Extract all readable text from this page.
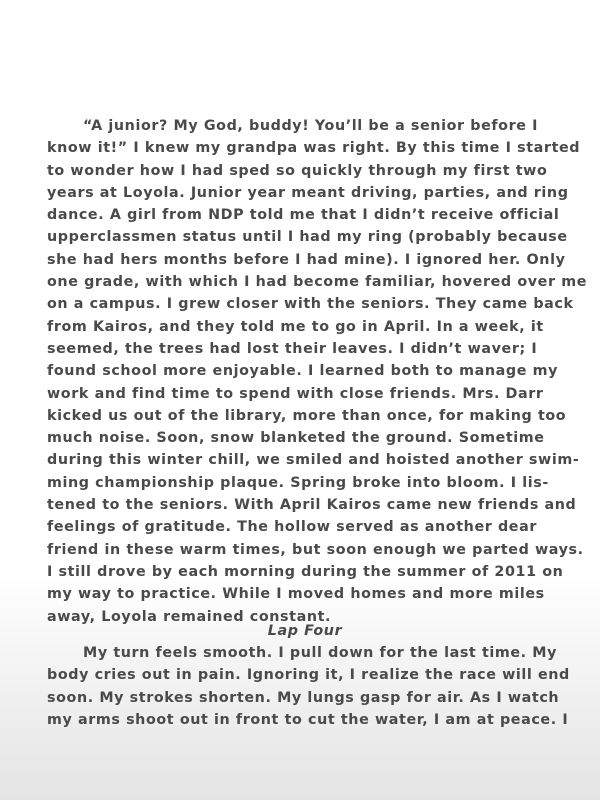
“A junior? My God, buddy! You’ll be a senior before I
know it!” I knew my grandpa was right. By this time I started
to wonder how I had sped so quickly through my first two
years at Loyola. Junior year meant driving, parties, and ring
dance. A girl from NDP told me that I didn’t receive official
upperclassmen status until I had my ring (probably because
she had hers months before I had mine). I ignored her. Only
one grade, with which I had become familiar, hovered over me
on a campus. I grew closer with the seniors. They came back
from Kairos, and they told me to go in April. In a week, it
seemed, the trees had lost their leaves. I didn’t waver; I
found school more enjoyable. I learned both to manage my
work and find time to spend with close friends. Mrs. Darr
kicked us out of the library, more than once, for making too
much noise. Soon, snow blanketed the ground. Sometime
during this winter chill, we smiled and hoisted another swim-
ming championship plaque. Spring broke into bloom. I lis-
tened to the seniors. With April Kairos came new friends and
feelings of gratitude. The hollow served as another dear
friend in these warm times, but soon enough we parted ways.
I still drove by each morning during the summer of 2011 on
my way to practice. While I moved homes and more miles
away, Loyola remained constant.
Lap Four
My turn feels smooth. I pull down for the last time. My
body cries out in pain. Ignoring it, I realize the race will end
soon. My strokes shorten. My lungs gasp for air. As I watch
my arms shoot out in front to cut the water, I am at peace. I
